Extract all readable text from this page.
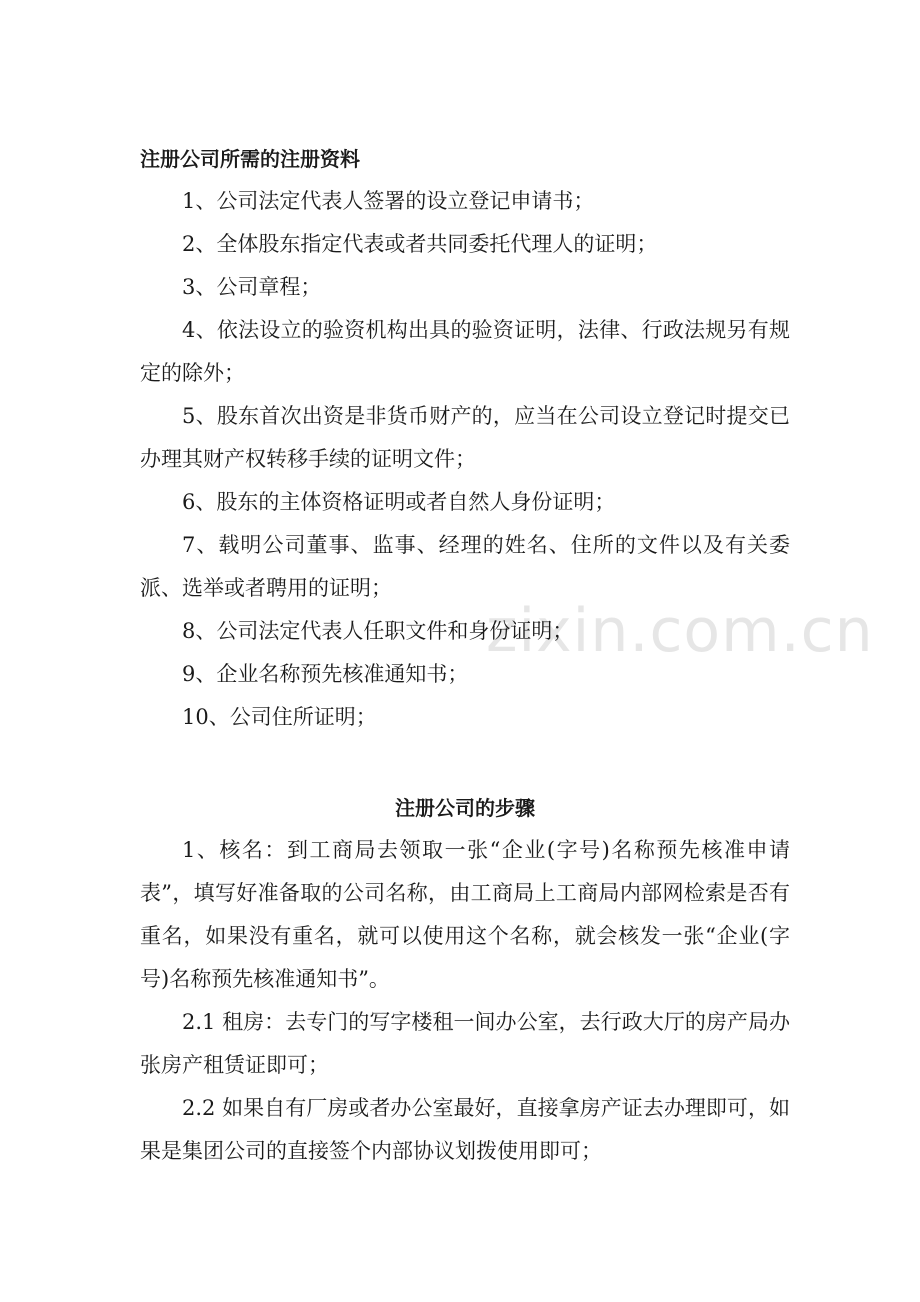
zixin.com.cn
注册公司所需的注册资料

1、公司法定代表人签署的设立登记申请书；

2、全体股东指定代表或者共同委托代理人的证明；

3、公司章程；

4、依法设立的验资机构出具的验资证明，法律、行政法规另有规定的除外；

5、股东首次出资是非货币财产的，应当在公司设立登记时提交已办理其财产权转移手续的证明文件；

6、股东的主体资格证明或者自然人身份证明；

7、载明公司董事、监事、经理的姓名、住所的文件以及有关委派、选举或者聘用的证明；

8、公司法定代表人任职文件和身份证明；

9、企业名称预先核准通知书；

10、公司住所证明；

注册公司的步骤

1、核名：到工商局去领取一张“企业(字号)名称预先核准申请表”，填写好准备取的公司名称，由工商局上工商局内部网检索是否有重名，如果没有重名，就可以使用这个名称，就会核发一张“企业(字号)名称预先核准通知书”。

2.1 租房：去专门的写字楼租一间办公室，去行政大厅的房产局办张房产租赁证即可；

2.2 如果自有厂房或者办公室最好，直接拿房产证去办理即可，如果是集团公司的直接签个内部协议划拨使用即可；
